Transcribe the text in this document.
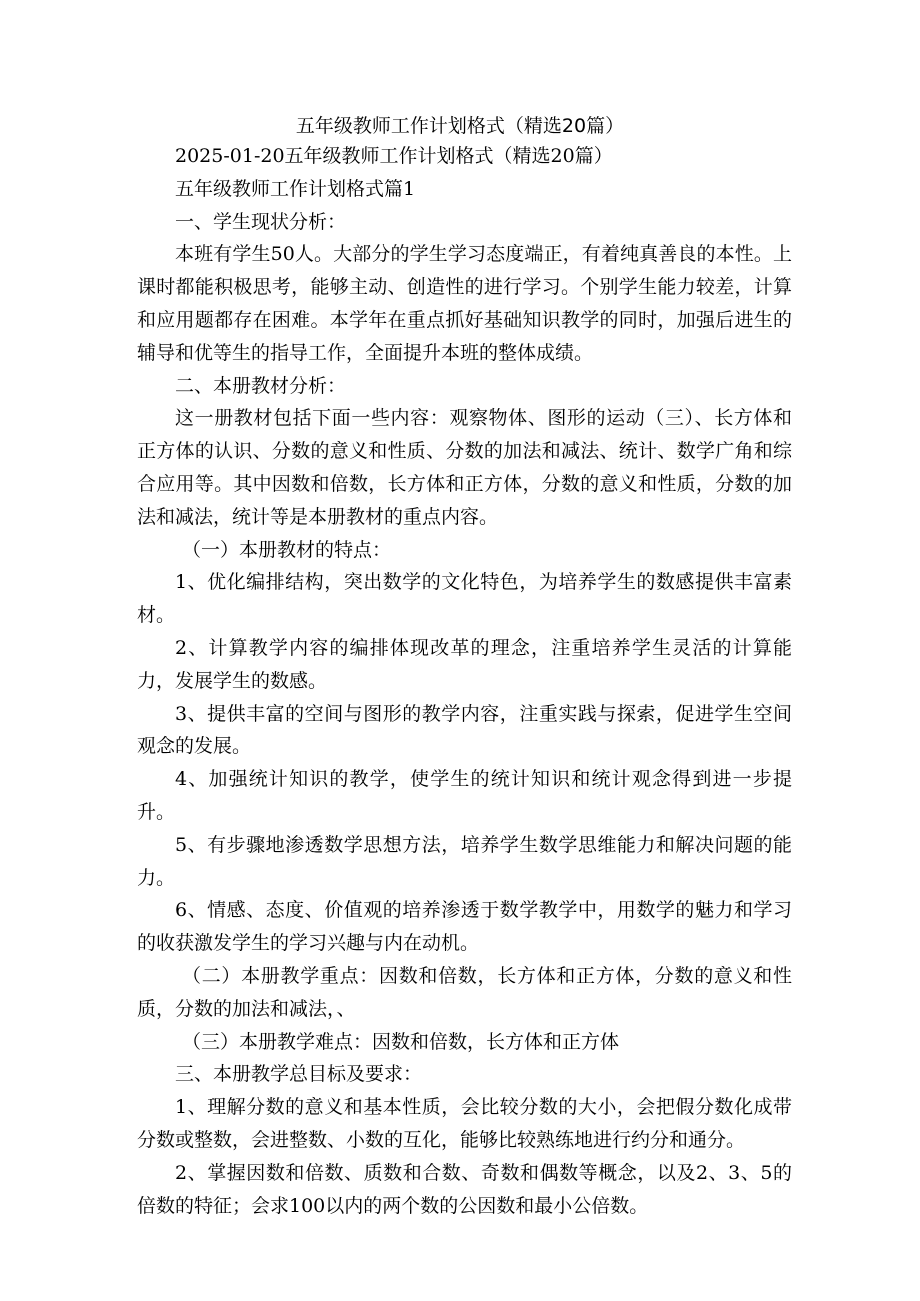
五年级教师工作计划格式（精选20篇）

2025-01-20五年级教师工作计划格式（精选20篇）

五年级教师工作计划格式篇1

一、学生现状分析：

本班有学生50人。大部分的学生学习态度端正，有着纯真善良的本性。上课时都能积极思考，能够主动、创造性的进行学习。个别学生能力较差，计算和应用题都存在困难。本学年在重点抓好基础知识教学的同时，加强后进生的辅导和优等生的指导工作，全面提升本班的整体成绩。

二、本册教材分析：

这一册教材包括下面一些内容：观察物体、图形的运动（三）、长方体和正方体的认识、分数的意义和性质、分数的加法和减法、统计、数学广角和综合应用等。其中因数和倍数，长方体和正方体，分数的意义和性质，分数的加法和减法，统计等是本册教材的重点内容。

（一）本册教材的特点：

1、优化编排结构，突出数学的文化特色，为培养学生的数感提供丰富素材。

2、计算教学内容的编排体现改革的理念，注重培养学生灵活的计算能力，发展学生的数感。

3、提供丰富的空间与图形的教学内容，注重实践与探索，促进学生空间观念的发展。

4、加强统计知识的教学，使学生的统计知识和统计观念得到进一步提升。

5、有步骤地渗透数学思想方法，培养学生数学思维能力和解决问题的能力。

6、情感、态度、价值观的培养渗透于数学教学中，用数学的魅力和学习的收获激发学生的学习兴趣与内在动机。

（二）本册教学重点：因数和倍数，长方体和正方体，分数的意义和性质，分数的加法和减法，、

（三）本册教学难点：因数和倍数，长方体和正方体

三、本册教学总目标及要求：

1、理解分数的意义和基本性质，会比较分数的大小，会把假分数化成带分数或整数，会进整数、小数的互化，能够比较熟练地进行约分和通分。

2、掌握因数和倍数、质数和合数、奇数和偶数等概念，以及2、3、5的倍数的特征；会求100以内的两个数的公因数和最小公倍数。
